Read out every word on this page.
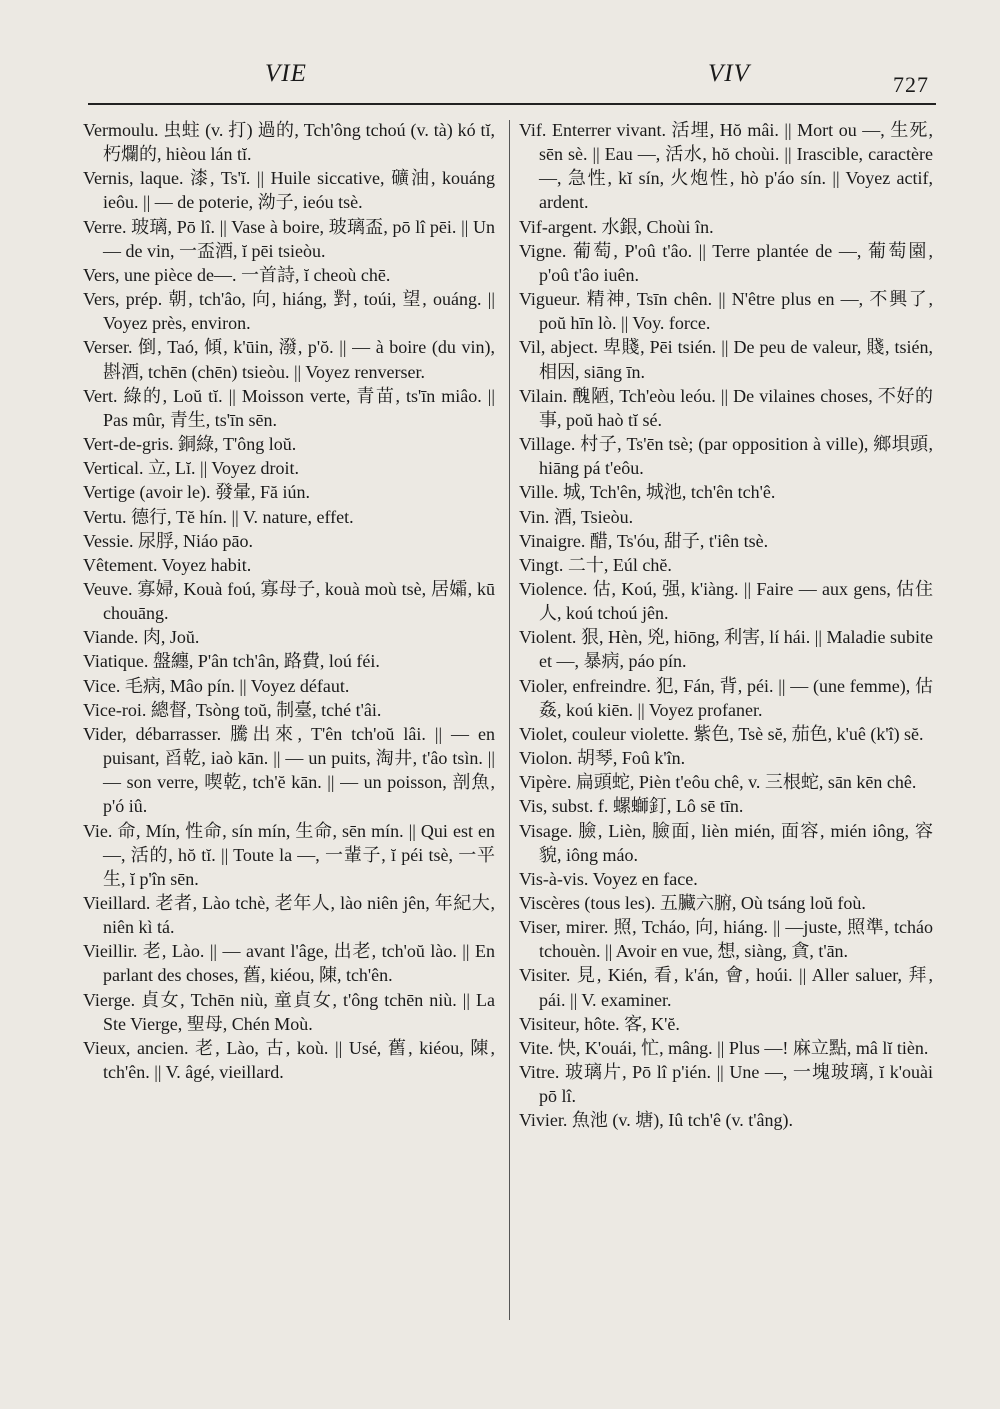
VIE	VIV	727

Vermoulu. 虫蛀 (v. 打) 過的, Tch'ông tchoú (v. tà) kó tĭ, 朽爛的, hièou lán tĭ.

Vernis, laque. 漆, Ts'ĭ. || Huile siccative, 礦油, kouáng ieôu. || — de poterie, 泑子, ieóu tsè.

Verre. 玻璃, Pō lî. || Vase à boire, 玻璃盃, pō lî pēi. || Un — de vin, 一盃酒, ĭ pēi tsieòu.

Vers, une pièce de—. 一首詩, ĭ cheoù chē.

Vers, prép. 朝, tch'âo, 向, hiáng, 對, toúi, 望, ouáng. || Voyez près, environ.

Verser. 倒, Taó, 傾, k'ūin, 潑, p'ŏ. || — à boire (du vin), 斟酒, tchēn (chēn) tsieòu. || Voyez renverser.

Vert. 綠的, Loŭ tĭ. || Moisson verte, 青苗, ts'īn miâo. || Pas mûr, 青生, ts'īn sēn.

Vert-de-gris. 銅綠, T'ông loŭ.

Vertical. 立, Lĭ. || Voyez droit.

Vertige (avoir le). 發暈, Fă iún.

Vertu. 德行, Tĕ hín. || V. nature, effet.

Vessie. 尿脬, Niáo pāo.

Vêtement. Voyez habit.

Veuve. 寡婦, Kouà foú, 寡母子, kouà moù tsè, 居孀, kū chouāng.

Viande. 肉, Joŭ.

Viatique. 盤纏, P'ân tch'ân, 路費, loú féi.

Vice. 毛病, Mâo pín. || Voyez défaut.

Vice-roi. 總督, Tsòng toŭ, 制臺, tché t'âi.

Vider, débarrasser. 騰出來, T'ên tch'oŭ lâi. || — en puisant, 舀乾, iaò kān. || — un puits, 淘井, t'âo tsìn. || — son verre, 喫乾, tch'ĕ kān. || — un poisson, 剖魚, p'ó iû.

Vie. 命, Mín, 性命, sín mín, 生命, sēn mín. || Qui est en —, 活的, hŏ tĭ. || Toute la —, 一輩子, ĭ péi tsè, 一平生, ĭ p'în sēn.

Vieillard. 老者, Lào tchè, 老年人, lào niên jên, 年紀大, niên kì tá.

Vieillir. 老, Lào. || — avant l'âge, 出老, tch'oŭ lào. || En parlant des choses, 舊, kiéou, 陳, tch'ên.

Vierge. 貞女, Tchēn niù, 童貞女, t'ông tchēn niù. || La Ste Vierge, 聖母, Chén Moù.

Vieux, ancien. 老, Lào, 古, koù. || Usé, 舊, kiéou, 陳, tch'ên. || V. âgé, vieillard.

Vif. Enterrer vivant. 活埋, Hŏ mâi. || Mort ou —, 生死, sēn sè. || Eau —, 活水, hŏ choùi. || Irascible, caractère —, 急性, kĭ sín, 火炮性, hò p'áo sín. || Voyez actif, ardent.

Vif-argent. 水銀, Choùi în.

Vigne. 葡萄, P'oû t'âo. || Terre plantée de —, 葡萄園, p'oû t'âo iuên.

Vigueur. 精神, Tsīn chên. || N'être plus en —, 不興了, poŭ hīn lò. || Voy. force.

Vil, abject. 卑賤, Pēi tsién. || De peu de valeur, 賤, tsién, 相因, siāng īn.

Vilain. 醜陋, Tch'eòu leóu. || De vilaines choses, 不好的事, poŭ haò tĭ sé.

Village. 村子, Ts'ēn tsè; (par opposition à ville), 鄉垻頭, hiāng pá t'eôu.

Ville. 城, Tch'ên, 城池, tch'ên tch'ê.

Vin. 酒, Tsieòu.

Vinaigre. 醋, Ts'óu, 甜子, t'iên tsè.

Vingt. 二十, Eúl chĕ.

Violence. 估, Koú, 强, k'iàng. || Faire — aux gens, 估住人, koú tchoú jên.

Violent. 狠, Hèn, 兇, hiōng, 利害, lí hái. || Maladie subite et —, 暴病, páo pín.

Violer, enfreindre. 犯, Fán, 背, péi. || — (une femme), 估姦, koú kiēn. || Voyez profaner.

Violet, couleur violette. 紫色, Tsè sĕ, 茄色, k'uê (k'î) sĕ.

Violon. 胡琴, Foû k'în.

Vipère. 扁頭蛇, Pièn t'eôu chê, v. 三根蛇, sān kēn chê.

Vis, subst. f. 螺螄釘, Lô sē tīn.

Visage. 臉, Lièn, 臉面, lièn mién, 面容, mién iông, 容貌, iông máo.

Vis-à-vis. Voyez en face.

Viscères (tous les). 五臟六腑, Où tsáng loŭ foù.

Viser, mirer. 照, Tcháo, 向, hiáng. || —juste, 照準, tcháo tchouèn. || Avoir en vue, 想, siàng, 貪, t'ān.

Visiter. 見, Kién, 看, k'án, 會, hoúi. || Aller saluer, 拜, pái. || V. examiner.

Visiteur, hôte. 客, K'ĕ.

Vite. 快, K'ouái, 忙, mâng. || Plus —! 麻立點, mâ lĭ tièn.

Vitre. 玻璃片, Pō lî p'ién. || Une —, 一塊玻璃, ĭ k'ouài pō lî.

Vivier. 魚池 (v. 塘), Iû tch'ê (v. t'âng).
